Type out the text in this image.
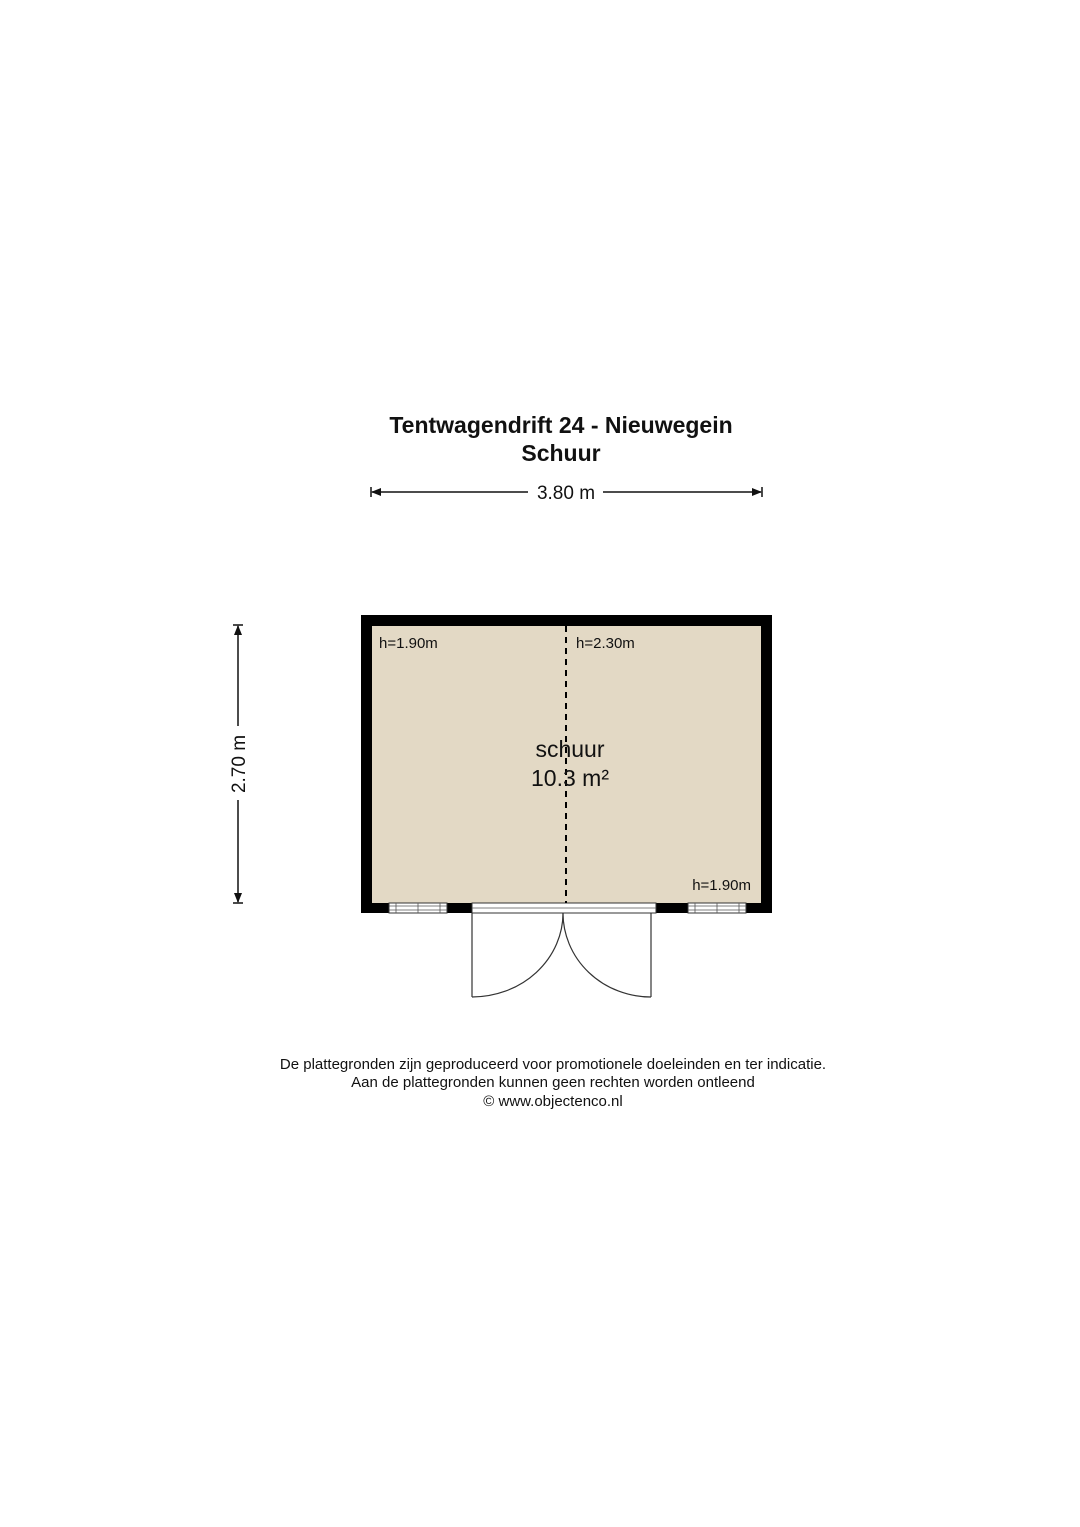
Tentwagendrift 24 - Nieuwegein
Schuur
3.80 m
2.70 m
h=1.90m	h=2.30m
h=1.90m
schuur
10.3 m²

De plattegronden zijn geproduceerd voor promotionele doeleinden en ter indicatie.

Aan de plattegronden kunnen geen rechten worden ontleend

© www.objectenco.nl
